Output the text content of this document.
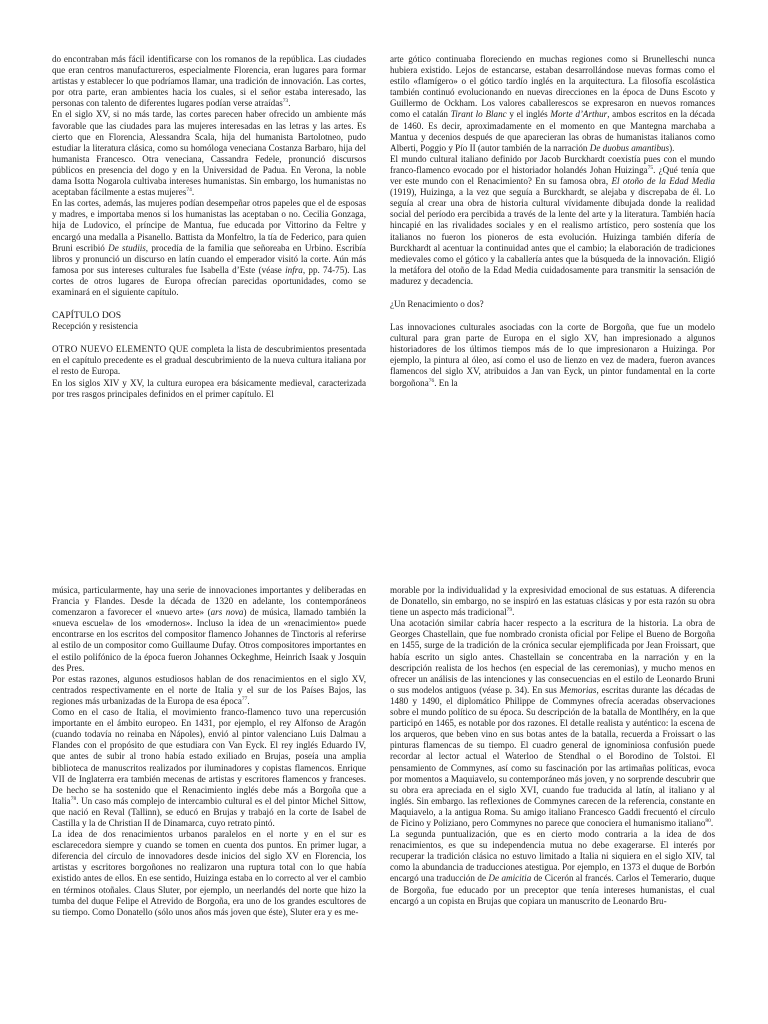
do encontraban más fácil identificarse con los romanos de la república. Las ciudades que eran centros manufactureros, especialmente Florencia, eran lugares para formar artistas y establecer lo que podríamos llamar, una tradición de innovación. Las cortes, por otra parte, eran ambientes hacia los cuales, si el señor estaba interesado, las personas con talento de diferentes lugares podían verse atraídas$^{73}$.

En el siglo XV, si no más tarde, las cortes parecen haber ofrecido un ambiente más favorable que las ciudades para las mujeres interesadas en las letras y las artes. Es cierto que en Florencia, Alessandra Scala, hija del humanista Bartolotneo, pudo estudiar la literatura clásica, como su homóloga veneciana Costanza Barbaro, hija del humanista Francesco. Otra veneciana, Cassandra Fedele, pronunció discursos públicos en presencia del dogo y en la Universidad de Padua. En Verona, la noble dama Isotta Nogarola cultivaba intereses humanistas. Sin embargo, los humanistas no aceptaban fácilmente a estas mujeres$^{74}$.

En las cortes, además, las mujeres podían desempeñar otros papeles que el de esposas y madres, e importaba menos si los humanistas las aceptaban o no. Cecilia Gonzaga, hija de Ludovico, el príncipe de Mantua, fue educada por Vittorino da Feltre y encargó una medalla a Pisanello. Battista da Monfeltro, la tía de Federico, para quien Bruni escribió De studiis, procedía de la familia que señoreaba en Urbino. Escribía libros y pronunció un discurso en latín cuando el emperador visitó la corte. Aún más famosa por sus intereses culturales fue Isabella d’Este (véase infra, pp. 74-75). Las cortes de otros lugares de Europa ofrecían parecidas oportunidades, como se examinará en el siguiente capítulo.

CAPÍTULO DOS

Recepción y resistencia

OTRO NUEVO ELEMENTO QUE completa la lista de descubrimientos presentada en el capítulo precedente es el gradual descubrimiento de la nueva cultura italiana por el resto de Europa.

En los siglos XIV y XV, la cultura europea era básicamente medieval, caracterizada por tres rasgos principales definidos en el primer capítulo. El

arte gótico continuaba floreciendo en muchas regiones como si Brunelleschi nunca hubiera existido. Lejos de estancarse, estaban desarrollándose nuevas formas como el estilo «flamígero» o el gótico tardío inglés en la arquitectura. La filosofía escolástica también continuó evolucionando en nuevas direcciones en la época de Duns Escoto y Guillermo de Ockham. Los valores caballerescos se expresaron en nuevos romances como el catalán Tirant lo Blanc y el inglés Morte d’Arthur, ambos escritos en la década de 1460. Es decir, aproximadamente en el momento en que Mantegna marchaba a Mantua y decenios después de que aparecieran las obras de humanistas italianos como Alberti, Poggio y Pío II (autor también de la narración De duobus amantibus).

El mundo cultural italiano definido por Jacob Burckhardt coexistía pues con el mundo franco-flamenco evocado por el historiador holandés Johan Huizinga$^{75}$. ¿Qué tenía que ver este mundo con el Renacimiento? En su famosa obra, El otoño de la Edad Media (1919), Huizinga, a la vez que seguía a Burckhardt, se alejaba y discrepaba de él. Lo seguía al crear una obra de historia cultural vívidamente dibujada donde la realidad social del período era percibida a través de la lente del arte y la literatura. También hacía hincapié en las rivalidades sociales y en el realismo artístico, pero sostenía que los italianos no fueron los pioneros de esta evolución. Huizinga también difería de Burckhardt al acentuar la continuidad antes que el cambio; la elaboración de tradiciones medievales como el gótico y la caballería antes que la búsqueda de la innovación. Eligió la metáfora del otoño de la Edad Media cuidadosamente para transmitir la sensación de madurez y decadencia.

¿Un Renacimiento o dos?

Las innovaciones culturales asociadas con la corte de Borgoña, que fue un modelo cultural para gran parte de Europa en el siglo XV, han impresionado a algunos historiadores de los últimos tiempos más de lo que impresionaron a Huizinga. Por ejemplo, la pintura al óleo, así como el uso de lienzo en vez de madera, fueron avances flamencos del siglo XV, atribuidos a Jan van Eyck, un pintor fundamental en la corte borgoñona$^{76}$. En la

música, particularmente, hay una serie de innovaciones importantes y deliberadas en Francia y Flandes. Desde la década de 1320 en adelante, los contemporáneos comenzaron a favorecer el «nuevo arte» (ars nova) de música, llamado también la «nueva escuela» de los «modernos». Incluso la idea de un «renacimiento» puede encontrarse en los escritos del compositor flamenco Johannes de Tinctoris al referirse al estilo de un compositor como Guillaume Dufay. Otros compositores importantes en el estilo polifónico de la época fueron Johannes Ockeghme, Heinrich Isaak y Josquin des Pres.

Por estas razones, algunos estudiosos hablan de dos renacimientos en el siglo XV, centrados respectivamente en el norte de Italia y el sur de los Países Bajos, las regiones más urbanizadas de la Europa de esa época$^{77}$.

Como en el caso de Italia, el movimiento franco-flamenco tuvo una repercusión importante en el ámbito europeo. En 1431, por ejemplo, el rey Alfonso de Aragón (cuando todavía no reinaba en Nápoles), envió al pintor valenciano Luis Dalmau a Flandes con el propósito de que estudiara con Van Eyck. El rey inglés Eduardo IV, que antes de subir al trono había estado exiliado en Brujas, poseía una amplia biblioteca de manuscritos realizados por iluminadores y copistas flamencos. Enrique VII de Inglaterra era también mecenas de artistas y escritores flamencos y franceses. De hecho se ha sostenido que el Renacimiento inglés debe más a Borgoña que a Italia$^{78}$. Un caso más complejo de intercambio cultural es el del pintor Michel Sittow, que nació en Reval (Tallinn), se educó en Brujas y trabajó en la corte de Isabel de Castilla y la de Christian II de Dinamarca, cuyo retrato pintó.

La idea de dos renacimientos urbanos paralelos en el norte y en el sur es esclarecedora siempre y cuando se tomen en cuenta dos puntos. En primer lugar, a diferencia del círculo de innovadores desde inicios del siglo XV en Florencia, los artistas y escritores borgoñones no realizaron una ruptura total con lo que había existido antes de ellos. En ese sentido, Huizinga estaba en lo correcto al ver el cambio en términos otoñales. Claus Sluter, por ejemplo, un neerlandés del norte que hizo la tumba del duque Felipe el Atrevido de Borgoña, era uno de los grandes escultores de su tiempo. Como Donatello (sólo unos años más joven que éste), Sluter era y es me-

morable por la individualidad y la expresividad emocional de sus estatuas. A diferencia de Donatello, sin embargo, no se inspiró en las estatuas clásicas y por esta razón su obra tiene un aspecto más tradicional$^{79}$.

Una acotación similar cabría hacer respecto a la escritura de la historia. La obra de Georges Chastellain, que fue nombrado cronista oficial por Felipe el Bueno de Borgoña en 1455, surge de la tradición de la crónica secular ejemplificada por Jean Froissart, que había escrito un siglo antes. Chastellain se concentraba en la narración y en la descripción realista de los hechos (en especial de las ceremonias), y mucho menos en ofrecer un análisis de las intenciones y las consecuencias en el estilo de Leonardo Bruni o sus modelos antiguos (véase p. 34). En sus Memorias, escritas durante las décadas de 1480 y 1490, el diplomático Philippe de Commynes ofrecía aceradas observaciones sobre el mundo político de su época. Su descripción de la batalla de Montlhéry, en la que participó en 1465, es notable por dos razones. El detalle realista y auténtico: la escena de los arqueros, que beben vino en sus botas antes de la batalla, recuerda a Froissart o las pinturas flamencas de su tiempo. El cuadro general de ignominiosa confusión puede recordar al lector actual el Waterloo de Stendhal o el Borodino de Tolstoi. El pensamiento de Commynes, así como su fascinación por las artimañas políticas, evoca por momentos a Maquiavelo, su contemporáneo más joven, y no sorprende descubrir que su obra era apreciada en el siglo XVI, cuando fue traducida al latín, al italiano y al inglés. Sin embargo. las reflexiones de Commynes carecen de la referencia, constante en Maquiavelo, a la antigua Roma. Su amigo italiano Francesco Gaddi frecuentó el círculo de Ficino y Poliziano, pero Commynes no parece que conociera el humanismo italiano$^{80}$.

La segunda puntualización, que es en cierto modo contraria a la idea de dos renacimientos, es que su independencia mutua no debe exagerarse. El interés por recuperar la tradición clásica no estuvo limitado a Italia ni siquiera en el siglo XIV, tal como la abundancia de traducciones atestigua. Por ejemplo, en 1373 el duque de Borbón encargó una traducción de De amicitia de Cicerón al francés. Carlos el Temerario, duque de Borgoña, fue educado por un preceptor que tenía intereses humanistas, el cual encargó a un copista en Brujas que copiara un manuscrito de Leonardo Bru-
